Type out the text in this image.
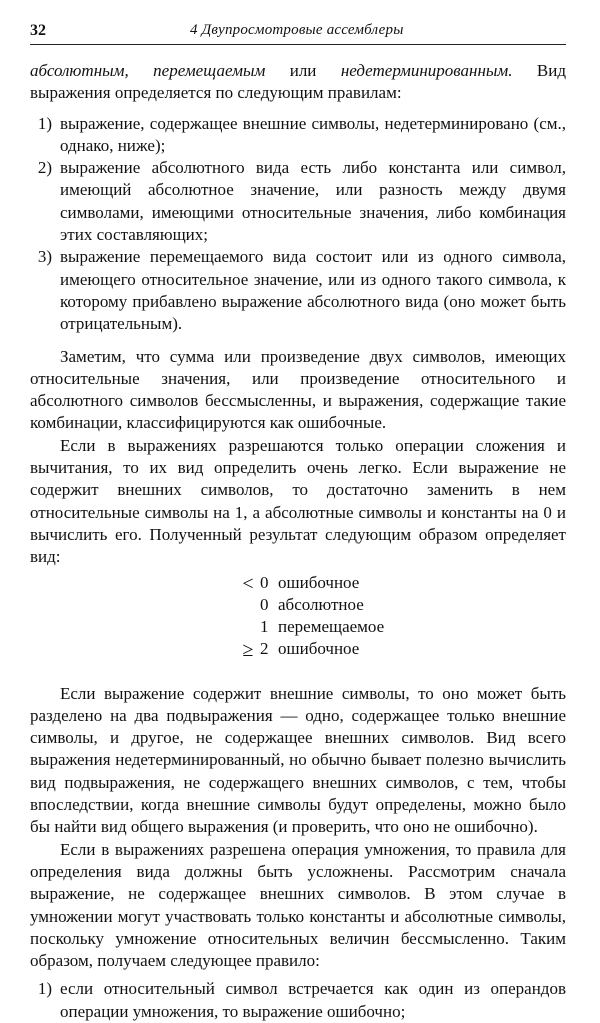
32	4 Двупросмотровые ассемблеры

абсолютным, перемещаемым или недетерминированным. Вид выражения определяется по следующим правилам:

1) выражение, содержащее внешние символы, недетерминировано (см., однако, ниже);
2) выражение абсолютного вида есть либо константа или символ, имеющий абсолютное значение, или разность между двумя символами, имеющими относительные значения, либо комбинация этих составляющих;
3) выражение перемещаемого вида состоит или из одного символа, имеющего относительное значение, или из одного такого символа, к которому прибавлено выражение абсолютного вида (оно может быть отрицательным).

Заметим, что сумма или произведение двух символов, имеющих относительные значения, или произведение относительного и абсолютного символов бессмысленны, и выражения, содержащие такие комбинации, классифицируются как ошибочные.

Если в выражениях разрешаются только операции сложения и вычитания, то их вид определить очень легко. Если выражение не содержит внешних символов, то достаточно заменить в нем относительные символы на 1, а абсолютные символы и константы на 0 и вычислить его. Полученный результат следующим образом определяет вид:

< 0 ошибочное
0 абсолютное
1 перемещаемое
≥ 2 ошибочное

Если выражение содержит внешние символы, то оно может быть разделено на два подвыражения — одно, содержащее только внешние символы, и другое, не содержащее внешних символов. Вид всего выражения недетерминированный, но обычно бывает полезно вычислить вид подвыражения, не содержащего внешних символов, с тем, чтобы впоследствии, когда внешние символы будут определены, можно было бы найти вид общего выражения (и проверить, что оно не ошибочно).

Если в выражениях разрешена операция умножения, то правила для определения вида должны быть усложнены. Рассмотрим сначала выражение, не содержащее внешних символов. В этом случае в умножении могут участвовать только константы и абсолютные символы, поскольку умножение относительных величин бессмысленно. Таким образом, получаем следующее правило:

1) если относительный символ встречается как один из операндов операции умножения, то выражение ошибочно;
